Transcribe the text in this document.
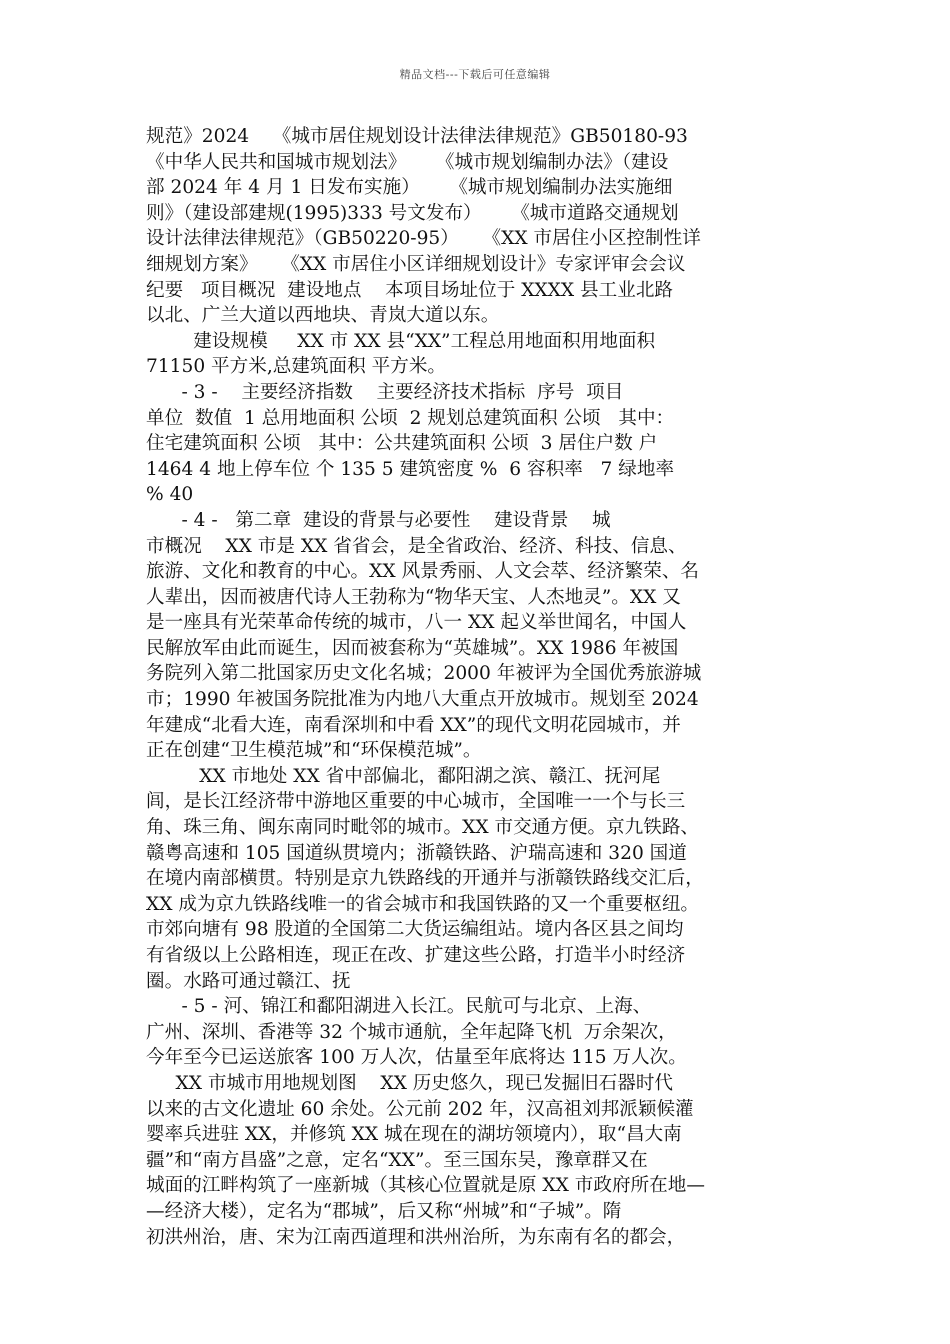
精品文档---下载后可任意编辑
规范》2024    《城市居住规划设计法律法律规范》GB50180-93
《中华人民共和国城市规划法》     《城市规划编制办法》（建设
部 2024 年 4 月 1 日发布实施）     《城市规划编制办法实施细
则》（建设部建规(1995)333 号文发布）     《城市道路交通规划
设计法律法律规范》（GB50220-95）    《XX 市居住小区控制性详
细规划方案》    《XX 市居住小区详细规划设计》专家评审会会议
纪要   项目概况  建设地点    本项目场址位于 XXXX 县工业北路
以北、广兰大道以西地块、青岚大道以东。
建设规模     XX 市 XX 县“XX”工程总用地面积用地面积
71150 平方米,总建筑面积 平方米。
- 3 -    主要经济指数    主要经济技术指标  序号  项目
单位  数值  1 总用地面积 公顷  2 规划总建筑面积 公顷   其中：
住宅建筑面积 公顷   其中：公共建筑面积 公顷  3 居住户数 户
1464 4 地上停车位 个 135 5 建筑密度 %  6 容积率   7 绿地率
% 40
- 4 -   第二章  建设的背景与必要性    建设背景    城
市概况    XX 市是 XX 省省会，是全省政治、经济、科技、信息、
旅游、文化和教育的中心。XX 风景秀丽、人文会萃、经济繁荣、名
人辈出，因而被唐代诗人王勃称为“物华天宝、人杰地灵”。XX 又
是一座具有光荣革命传统的城市，八一 XX 起义举世闻名，中国人
民解放军由此而诞生，因而被套称为“英雄城”。XX 1986 年被国
务院列入第二批国家历史文化名城；2000 年被评为全国优秀旅游城
市；1990 年被国务院批准为内地八大重点开放城市。规划至 2024
年建成“北看大连，南看深圳和中看 XX”的现代文明花园城市，并
正在创建“卫生模范城”和“环保模范城”。
XX 市地处 XX 省中部偏北，鄱阳湖之滨、赣江、抚河尾
闾，是长江经济带中游地区重要的中心城市，全国唯一一个与长三
角、珠三角、闽东南同时毗邻的城市。XX 市交通方便。京九铁路、
赣粤高速和 105 国道纵贯境内；浙赣铁路、沪瑞高速和 320 国道
在境内南部横贯。特别是京九铁路线的开通并与浙赣铁路线交汇后，
XX 成为京九铁路线唯一的省会城市和我国铁路的又一个重要枢纽。
市郊向塘有 98 股道的全国第二大货运编组站。境内各区县之间均
有省级以上公路相连，现正在改、扩建这些公路，打造半小时经济
圈。水路可通过赣江、抚
- 5 - 河、锦江和鄱阳湖进入长江。民航可与北京、上海、
广州、深圳、香港等 32 个城市通航，全年起降飞机  万余架次，
今年至今已运送旅客 100 万人次，估量至年底将达 115 万人次。
XX 市城市用地规划图    XX 历史悠久，现已发掘旧石器时代
以来的古文化遗址 60 余处。公元前 202 年，汉高祖刘邦派颖候灌
婴率兵进驻 XX，并修筑 XX 城在现在的湖坊领境内），取“昌大南
疆”和“南方昌盛”之意，定名“XX”。至三国东吴，豫章群又在
城面的江畔构筑了一座新城（其核心位置就是原 XX 市政府所在地—
—经济大楼），定名为“郡城”，后又称“州城”和“子城”。隋
初洪州治，唐、宋为江南西道理和洪州治所，为东南有名的都会，
